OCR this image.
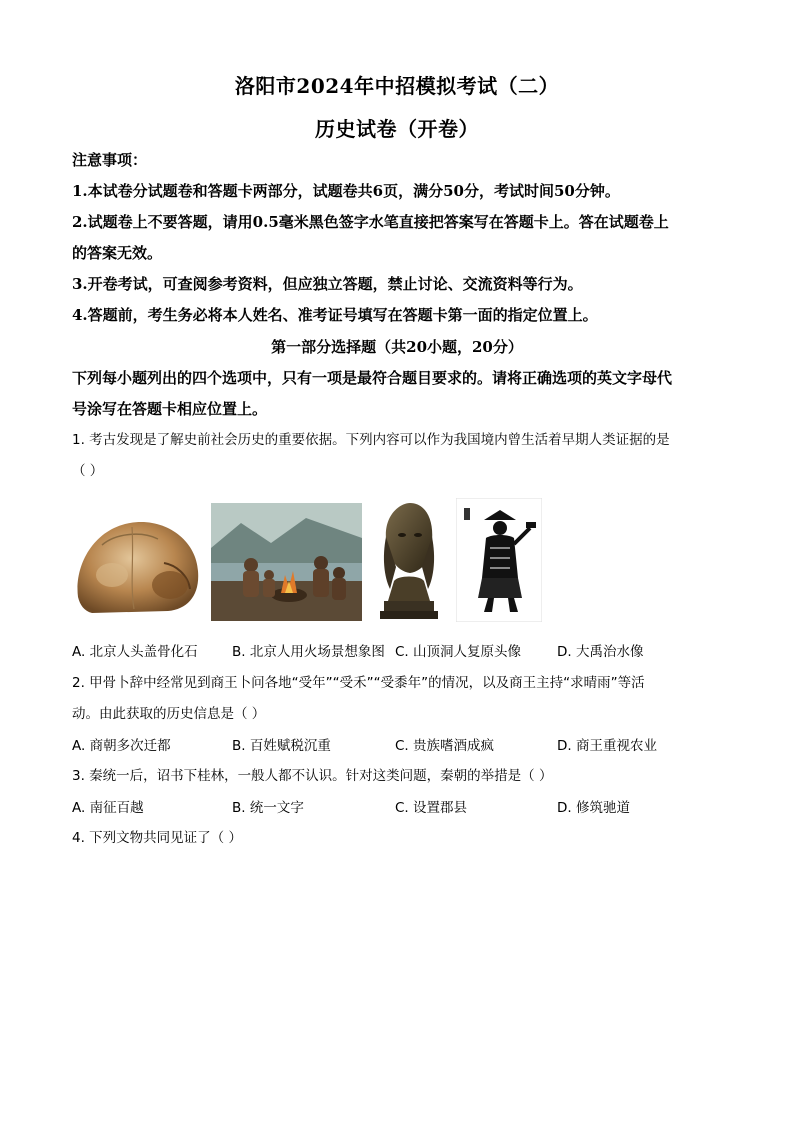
洛阳市2024年中招模拟考试（二）
历史试卷（开卷）
注意事项：
1.本试卷分试题卷和答题卡两部分，试题卷共6页，满分50分，考试时间50分钟。
2.试题卷上不要答题，请用0.5毫米黑色签字水笔直接把答案写在答题卡上。答在试题卷上
的答案无效。
3.开卷考试，可查阅参考资料，但应独立答题，禁止讨论、交流资料等行为。
4.答题前，考生务必将本人姓名、准考证号填写在答题卡第一面的指定位置上。
第一部分选择题（共20小题，20分）
下列每小题列出的四个选项中，只有一项是最符合题目要求的。请将正确选项的英文字母代
号涂写在答题卡相应位置上。
1. 考古发现是了解史前社会历史的重要依据。下列内容可以作为我国境内曾生活着早期人类证据的是
（ ）
A. 北京人头盖骨化石	B. 北京人用火场景想象图 C. 山顶洞人复原头像	D. 大禹治水像
2. 甲骨卜辞中经常见到商王卜问各地“受年”“受禾”“受黍年”的情况，以及商王主持“求晴雨”等活
动。由此获取的历史信息是（ ）
A. 商朝多次迁都	B. 百姓赋税沉重	C. 贵族嗜酒成疯	D. 商王重视农业
3. 秦统一后，诏书下桂林，一般人都不认识。针对这类问题，秦朝的举措是（ ）
A. 南征百越	B. 统一文字	C. 设置郡县	D. 修筑驰道
4. 下列文物共同见证了（ ）
